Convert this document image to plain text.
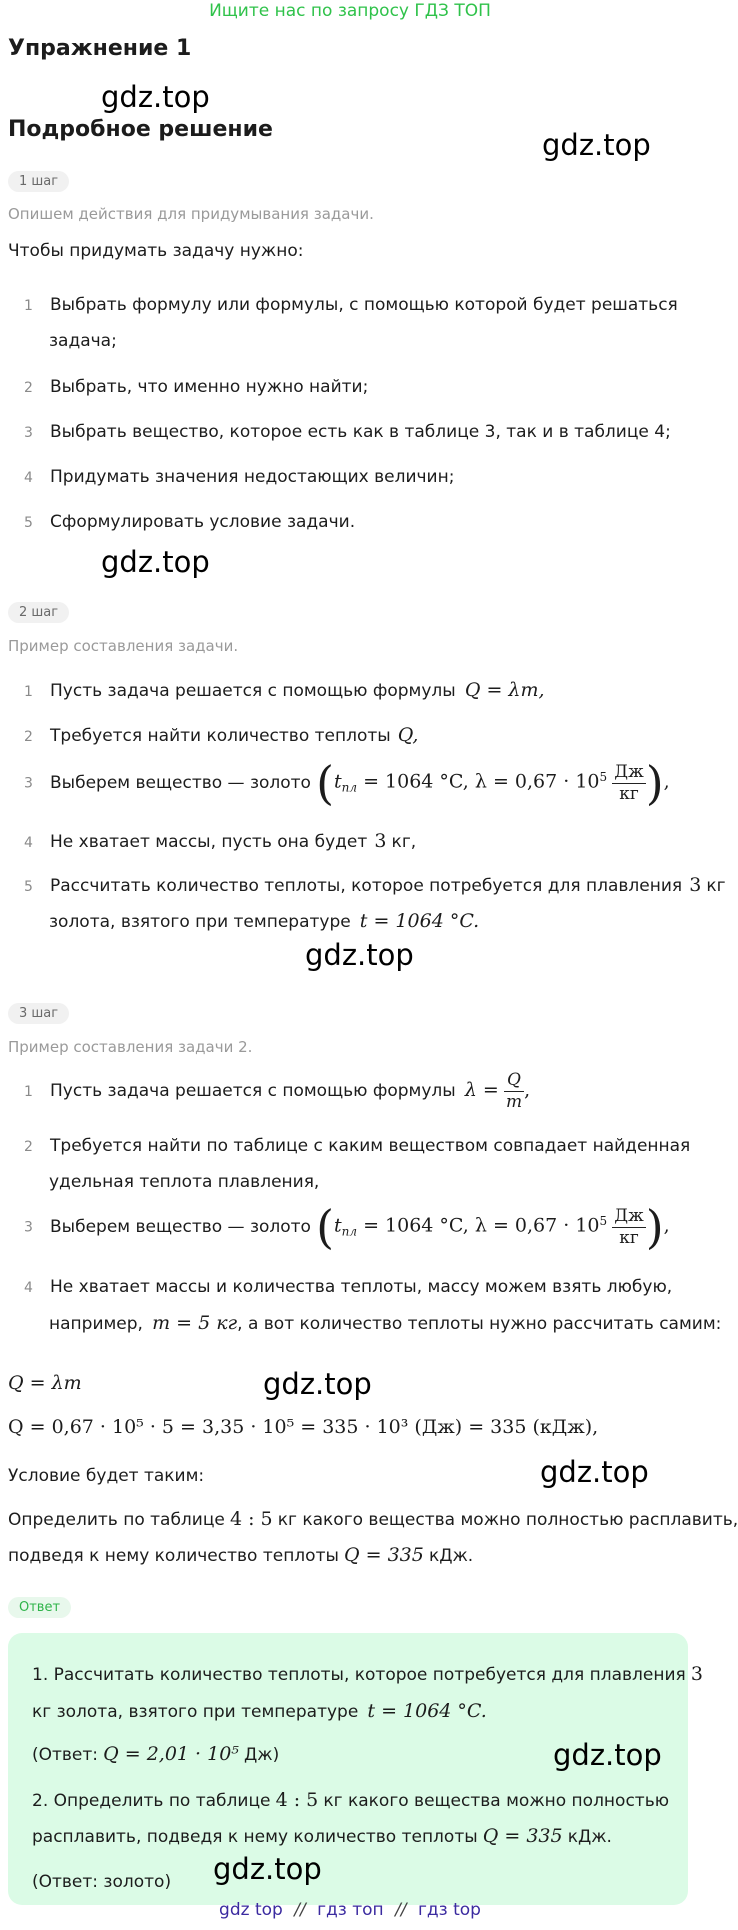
Ищите нас по запросу ГДЗ ТОП
Упражнение 1
gdz.top
Подробное решение	gdz.top
1 шаг
Опишем действия для придумывания задачи.
Чтобы придумать задачу нужно:
1 Выбрать формулу или формулы, с помощью которой будет решаться
задача;
2 Выбрать, что именно нужно найти;
3 Выбрать вещество, которое есть как в таблице 3, так и в таблице 4;
4 Придумать значения недостающих величин;
5 Сформулировать условие задачи.
gdz.top
2 шаг
Пример составления задачи.
1 Пусть задача решается с помощью формулы Q = λm,
2 Требуется найти количество теплоты Q,
3 Выберем вещество — золото ($t_{пл} = 1064$ °C, $\lambda = 0,67 \cdot 10^5 \frac{Дж}{кг}$ ),
4 Не хватает массы, пусть она будет 3 кг,
5 Рассчитать количество теплоты, которое потребуется для плавления 3 кг
золота, взятого при температуре t = 1064 °C.
gdz.top
3 шаг
Пример составления задачи 2.
1 Пусть задача решается с помощью формулы $\lambda = \frac{Q}{m}$ ,
2 Требуется найти по таблице с каким веществом совпадает найденная
удельная теплота плавления,
3 Выберем вещество — золото ($t_{пл} = 1064$ °C, $\lambda = 0,67 \cdot 10^5 \frac{Дж}{кг}$ ),
4 Не хватает массы и количества теплоты, массу можем взять любую,
например, m = 5 кг, а вот количество теплоты нужно рассчитать самим:
Q = λm	gdz.top
Q = 0,67 · 10⁵ · 5 = 3,35 · 10⁵ = 335 · 10³ (Дж) = 335 (кДж),
Условие будет таким:	gdz.top
Определить по таблице 4 : 5 кг какого вещества можно полностью расплавить,
подведя к нему количество теплоты Q = 335 кДж.
Ответ
1. Рассчитать количество теплоты, которое потребуется для плавления 3
кг золота, взятого при температуре t = 1064 °C.
(Ответ: Q = 2,01 · 10⁵ Дж)	gdz.top
2. Определить по таблице 4 : 5 кг какого вещества можно полностью
расплавить, подведя к нему количество теплоты Q = 335 кДж.
(Ответ: золото) gdz.top
gdz top // гдз топ // гдз top
